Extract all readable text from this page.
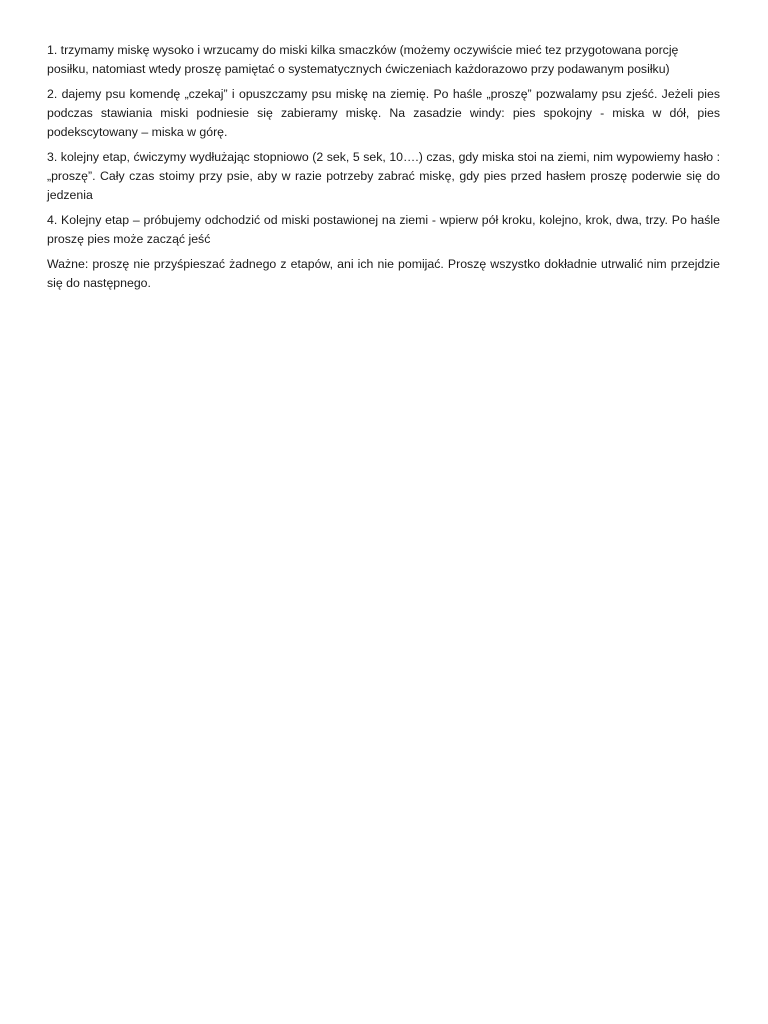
1. trzymamy miskę wysoko i wrzucamy do miski kilka smaczków (możemy oczywiście mieć tez przygotowana porcję posiłku, natomiast wtedy proszę pamiętać o systematycznych ćwiczeniach każdorazowo przy podawanym posiłku)

2. dajemy psu komendę „czekaj” i opuszczamy psu miskę na ziemię. Po haśle „proszę” pozwalamy psu zjeść. Jeżeli pies podczas stawiania miski podniesie się zabieramy miskę. Na zasadzie windy: pies spokojny - miska w dół, pies podekscytowany – miska w górę.

3. kolejny etap, ćwiczymy wydłużając stopniowo (2 sek, 5 sek, 10….) czas, gdy miska stoi na ziemi, nim wypowiemy hasło : „proszę”. Cały czas stoimy przy psie, aby w razie potrzeby zabrać miskę, gdy pies przed hasłem proszę poderwie się do jedzenia

4. Kolejny etap – próbujemy odchodzić od miski postawionej na ziemi - wpierw pół kroku, kolejno, krok, dwa, trzy. Po haśle proszę pies może zacząć jeść

Ważne: proszę nie przyśpieszać żadnego z etapów, ani ich nie pomijać. Proszę wszystko dokładnie utrwalić nim przejdzie się do następnego.
